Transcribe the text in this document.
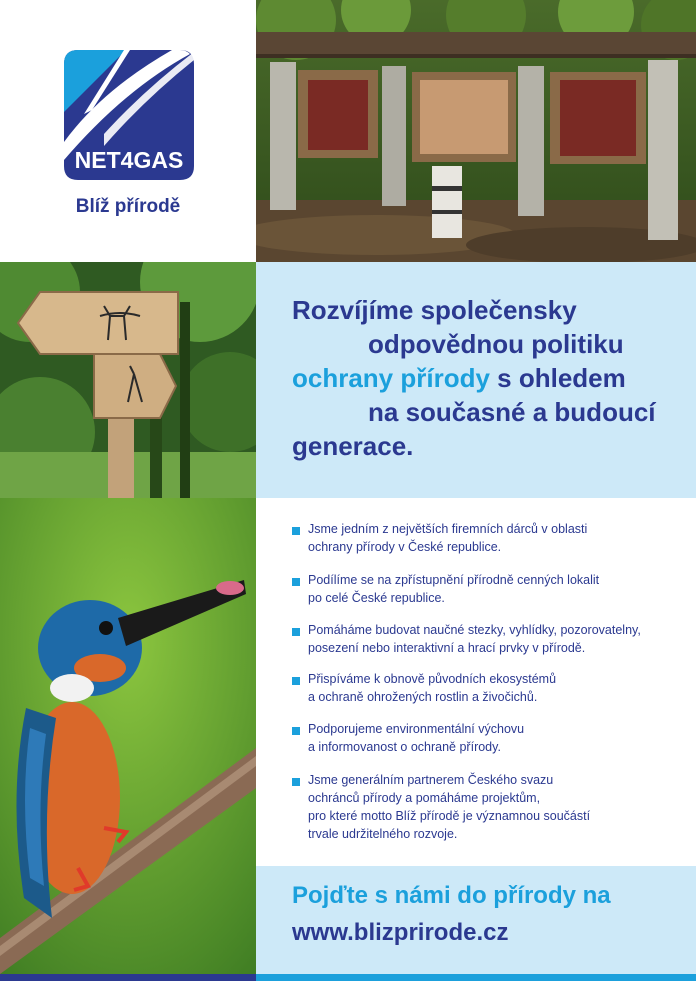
NET4GAS
Blíž přírodě
Rozvíjíme společensky
odpovědnou politiku
ochrany přírody s ohledem
na současné a budoucí
generace.
Jsme jedním z největších firemních dárců v oblasti
ochrany přírody v České republice.
Podílíme se na zpřístupnění přírodně cenných lokalit
po celé České republice.
Pomáháme budovat naučné stezky, vyhlídky, pozorovatelny,
posezení nebo interaktivní a hrací prvky v přírodě.
Přispíváme k obnově původních ekosystémů
a ochraně ohrožených rostlin a živočichů.
Podporujeme environmentální výchovu
a informovanost o ochraně přírody.
Jsme generálním partnerem Českého svazu
ochránců přírody a pomáháme projektům,
pro které motto Blíž přírodě je významnou součástí
trvale udržitelného rozvoje.
Pojďte s námi do přírody na
www.blizprirode.cz
